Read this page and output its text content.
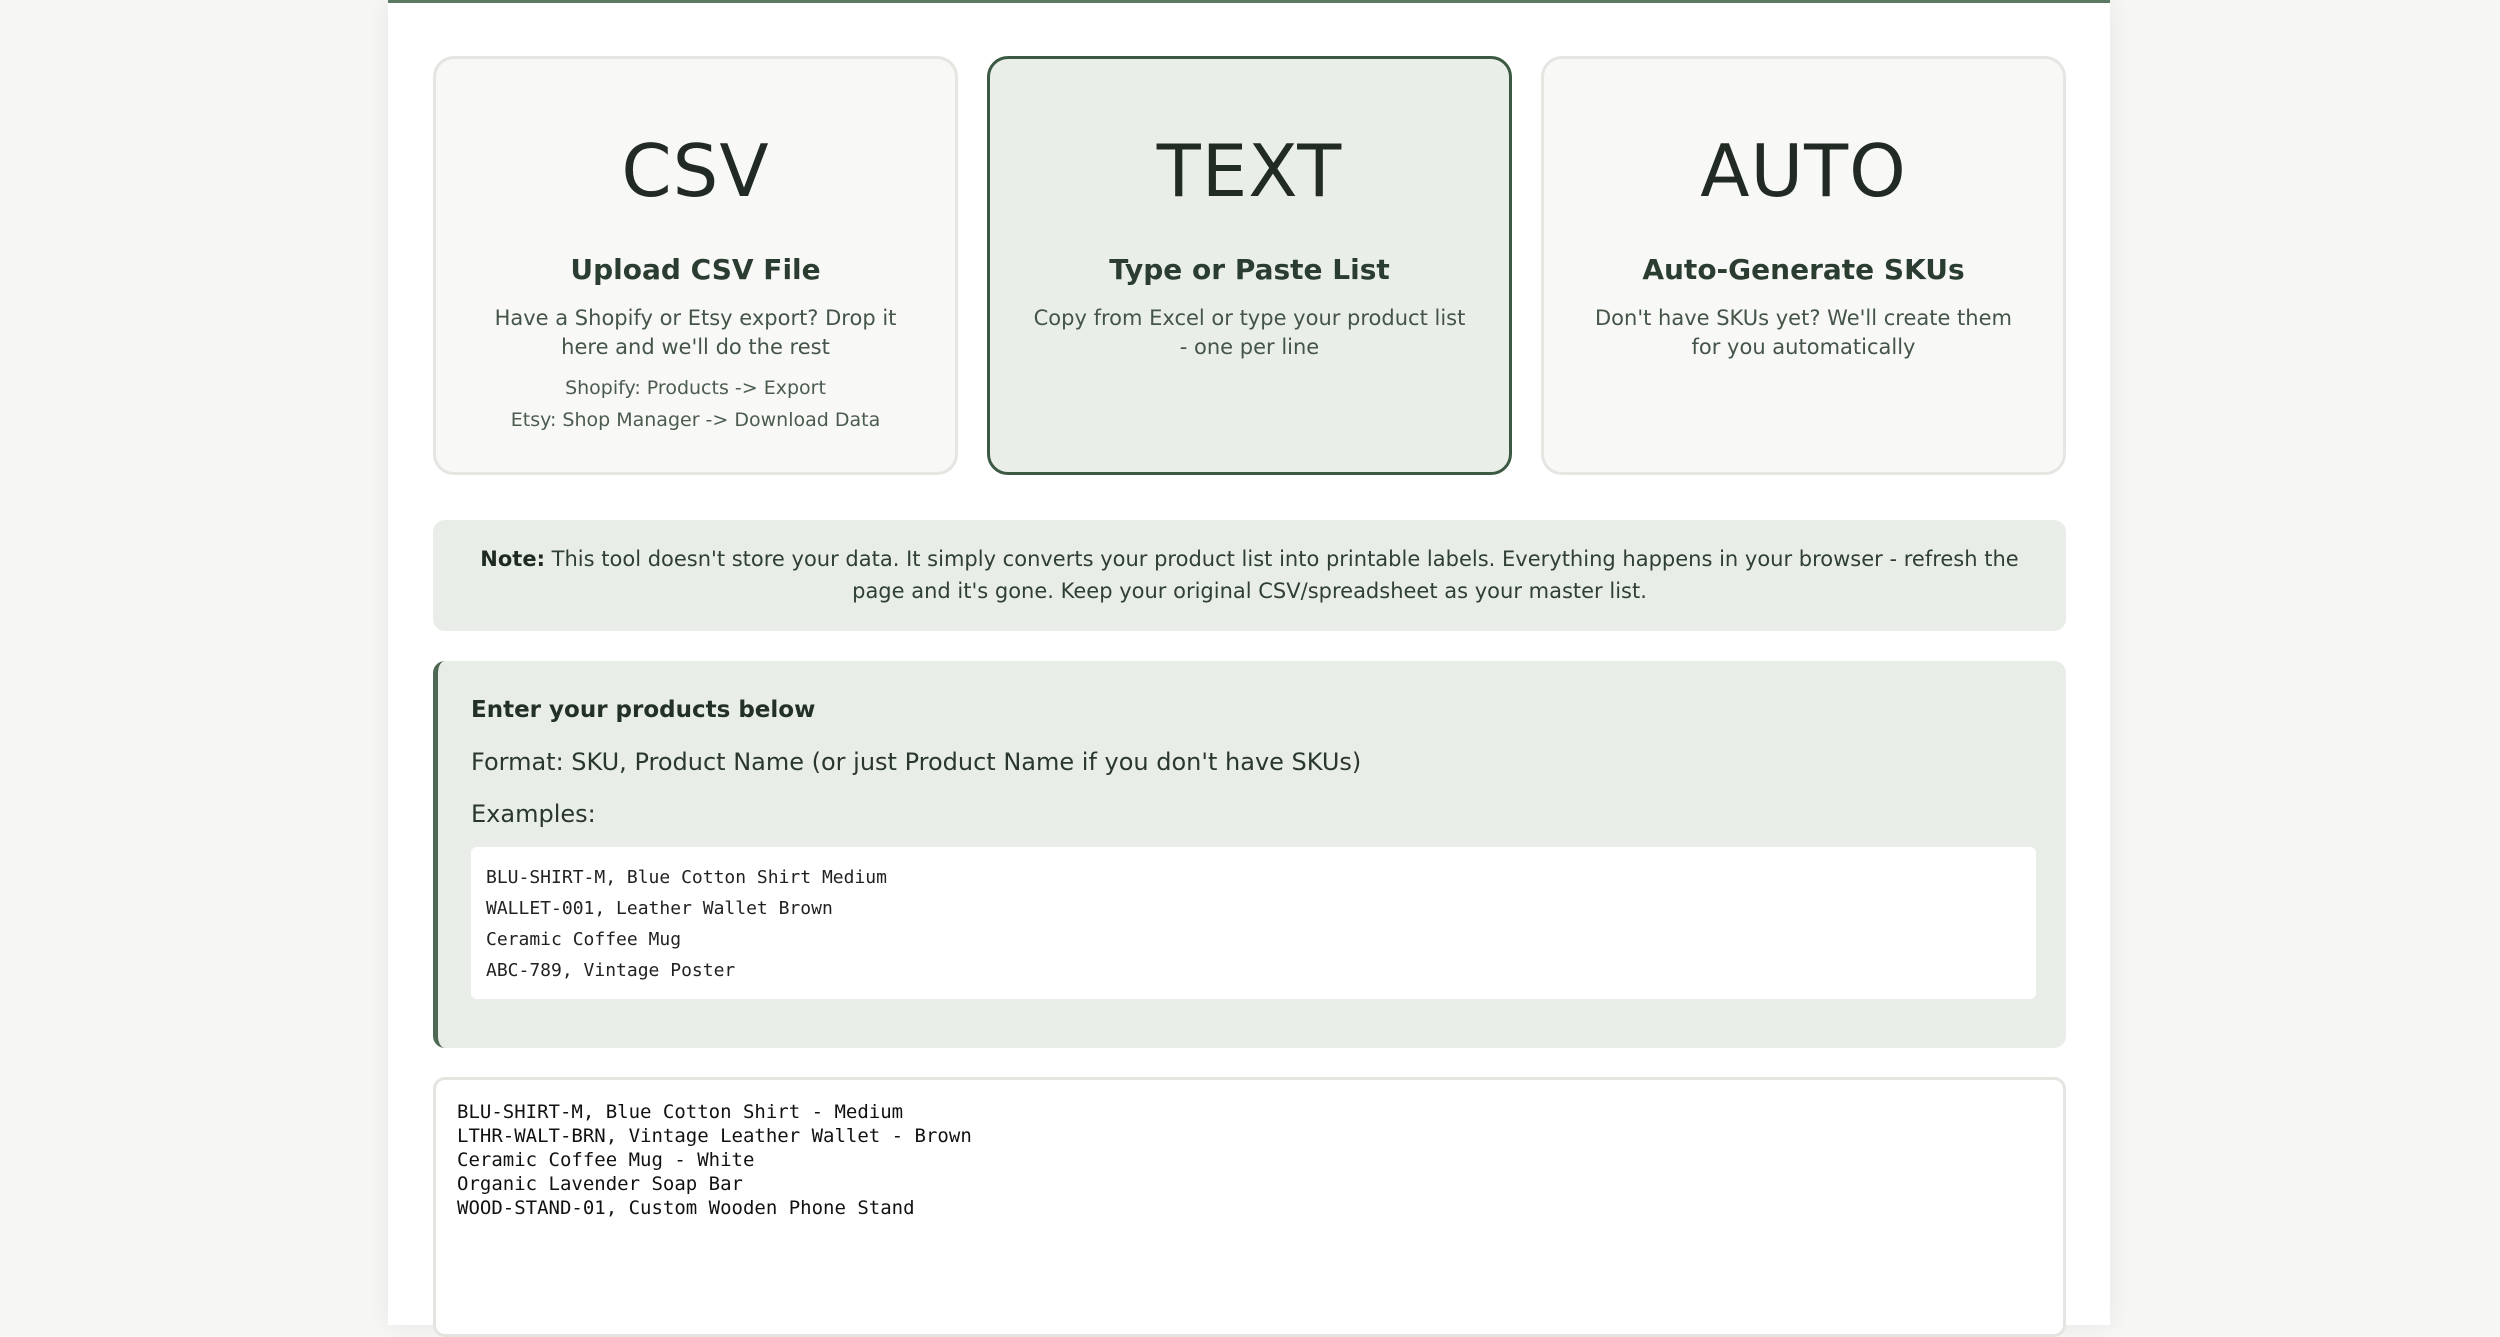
CSV
Upload CSV File
Have a Shopify or Etsy export? Drop it here and we'll do the rest
Shopify: Products -> Export
Etsy: Shop Manager -> Download Data
TEXT
Type or Paste List
Copy from Excel or type your product list - one per line
AUTO
Auto-Generate SKUs
Don't have SKUs yet? We'll create them for you automatically
Note: This tool doesn't store your data. It simply converts your product list into printable labels. Everything happens in your browser - refresh the page and it's gone. Keep your original CSV/spreadsheet as your master list.
Enter your products below
Format: SKU, Product Name (or just Product Name if you don't have SKUs)
Examples:
BLU-SHIRT-M, Blue Cotton Shirt Medium
WALLET-001, Leather Wallet Brown
Ceramic Coffee Mug
ABC-789, Vintage Poster
BLU-SHIRT-M, Blue Cotton Shirt - Medium LTHR-WALT-BRN, Vintage Leather Wallet - Brown Ceramic Coffee Mug - White Organic Lavender Soap Bar WOOD-STAND-01, Custom Wooden Phone Stand
